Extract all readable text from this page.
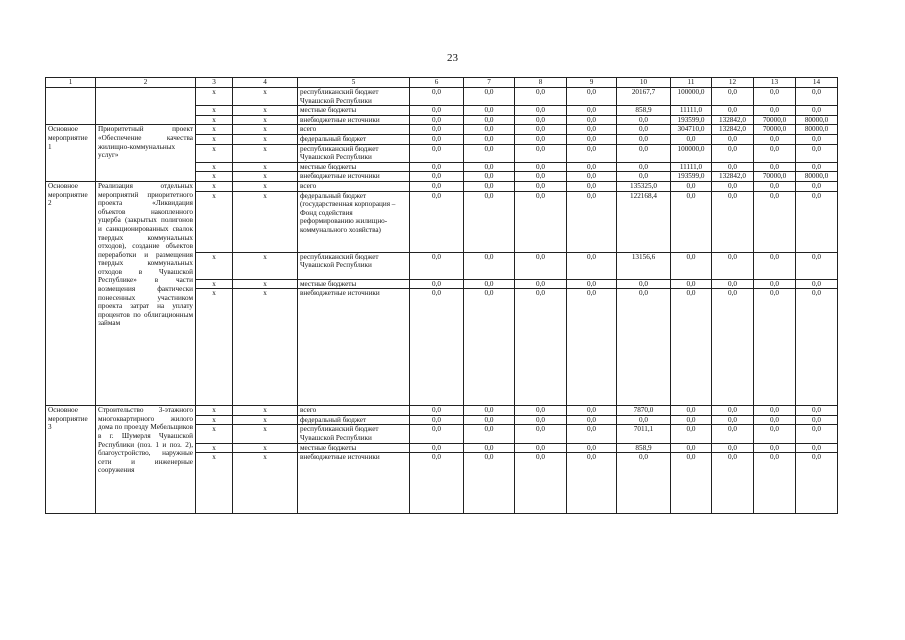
23
1	2	3	4	5	6	7	8	9	10	11	12	13	14
		х	х	республиканский бюджет Чувашской Республики	0,0	0,0	0,0	0,0	20167,7	100000,0	0,0	0,0	0,0
		х	х	местные бюджеты	0,0	0,0	0,0	0,0	858,9	11111,0	0,0	0,0	0,0
		х	х	внебюджетные источники	0,0	0,0	0,0	0,0	0,0	193599,0	132842,0	70000,0	80000,0
Основное мероприятие 1	Приоритетный проект «Обеспечение качества жилищно-коммунальных услуг»	х	х	всего	0,0	0,0	0,0	0,0	0,0	304710,0	132842,0	70000,0	80000,0
		х	х	федеральный бюджет	0,0	0,0	0,0	0,0	0,0	0,0	0,0	0,0	0,0
		х	х	республиканский бюджет Чувашской Республики	0,0	0,0	0,0	0,0	0,0	100000,0	0,0	0,0	0,0
		х	х	местные бюджеты	0,0	0,0	0,0	0,0	0,0	11111,0	0,0	0,0	0,0
		х	х	внебюджетные источники	0,0	0,0	0,0	0,0	0,0	193599,0	132842,0	70000,0	80000,0
Основное мероприятие 2	Реализация отдельных мероприятий приоритетного проекта «Ликвидация объектов накопленного ущерба (закрытых полигонов и санкционированных свалок твердых коммунальных отходов), создание объектов переработки и размещения твердых коммунальных отходов в Чувашской Республике» в части возмещения фактически понесенных участником проекта затрат на уплату процентов по облигационным займам	х	х	всего	0,0	0,0	0,0	0,0	135325,0	0,0	0,0	0,0	0,0
		х	х	федеральный бюджет (государственная корпорация – Фонд содействия реформированию жилищно-коммунального хозяйства)	0,0	0,0	0,0	0,0	122168,4	0,0	0,0	0,0	0,0
		х	х	республиканский бюджет Чувашской Республики	0,0	0,0	0,0	0,0	13156,6	0,0	0,0	0,0	0,0
		х	х	местные бюджеты	0,0	0,0	0,0	0,0	0,0	0,0	0,0	0,0	0,0
		х	х	внебюджетные источники	0,0	0,0	0,0	0,0	0,0	0,0	0,0	0,0	0,0
Основное мероприятие 3	Строительство 3-этажного многоквартирного жилого дома по проезду Мебельщиков в г. Шумерля Чувашской Республики (поз. 1 и поз. 2), благоустройство, наружные сети и инженерные сооружения	х	х	всего	0,0	0,0	0,0	0,0	7870,0	0,0	0,0	0,0	0,0
		х	х	федеральный бюджет	0,0	0,0	0,0	0,0	0,0	0,0	0,0	0,0	0,0
		х	х	республиканский бюджет Чувашской Республики	0,0	0,0	0,0	0,0	7011,1	0,0	0,0	0,0	0,0
		х	х	местные бюджеты	0,0	0,0	0,0	0,0	858,9	0,0	0,0	0,0	0,0
		х	х	внебюджетные источники	0,0	0,0	0,0	0,0	0,0	0,0	0,0	0,0	0,0
